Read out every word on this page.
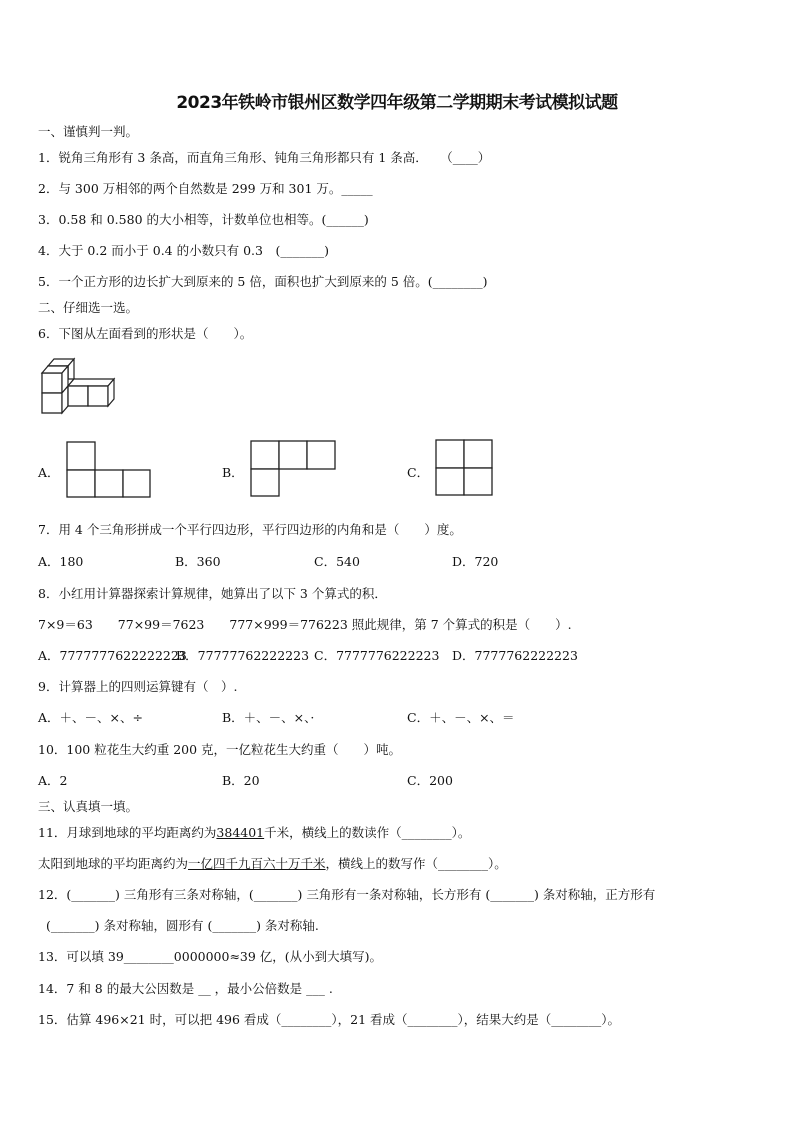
2023年铁岭市银州区数学四年级第二学期期末考试模拟试题
一、谨慎判一判。
1．锐角三角形有 3 条高，而直角三角形、钝角三角形都只有 1 条高．　　（____）
2．与 300 万相邻的两个自然数是 299 万和 301 万。_____
3．0.58 和 0.580 的大小相等，计数单位也相等。(______)
4．大于 0.2 而小于 0.4 的小数只有 0.3　(_______)
5．一个正方形的边长扩大到原来的 5 倍，面积也扩大到原来的 5 倍。(________)
二、仔细选一选。
6．下图从左面看到的形状是（　　）。
A．	B．	C．
7．用 4 个三角形拼成一个平行四边形，平行四边形的内角和是（　　）度。
A．180	B．360	C．540	D．720
8．小红用计算器探索计算规律，她算出了以下 3 个算式的积．
7×9＝63　　77×99＝7623　　777×999＝776223 照此规律，第 7 个算式的积是（　　）.
A．7777777622222223
B．77777762222223 C．7777776222223 D．7777762222223
9．计算器上的四则运算键有（　）.
A．＋、－、×、÷	B．＋、－、×、·	C．＋、－、×、＝
10．100 粒花生大约重 200 克，一亿粒花生大约重（　　）吨。
A．2	B．20	C．200
三、认真填一填。
11．月球到地球的平均距离约为384401千米，横线上的数读作（________）。
太阳到地球的平均距离约为一亿四千九百六十万千米，横线上的数写作（________）。
12．(_______) 三角形有三条对称轴，(_______) 三角形有一条对称轴，长方形有 (_______) 条对称轴，正方形有
(_______) 条对称轴，圆形有 (_______) 条对称轴.
13．可以填 39________0000000≈39 亿，(从小到大填写)。
14．7 和 8 的最大公因数是 __ ，最小公倍数是 ___ .
15．估算 496×21 时，可以把 496 看成（________），21 看成（________），结果大约是（________）。
